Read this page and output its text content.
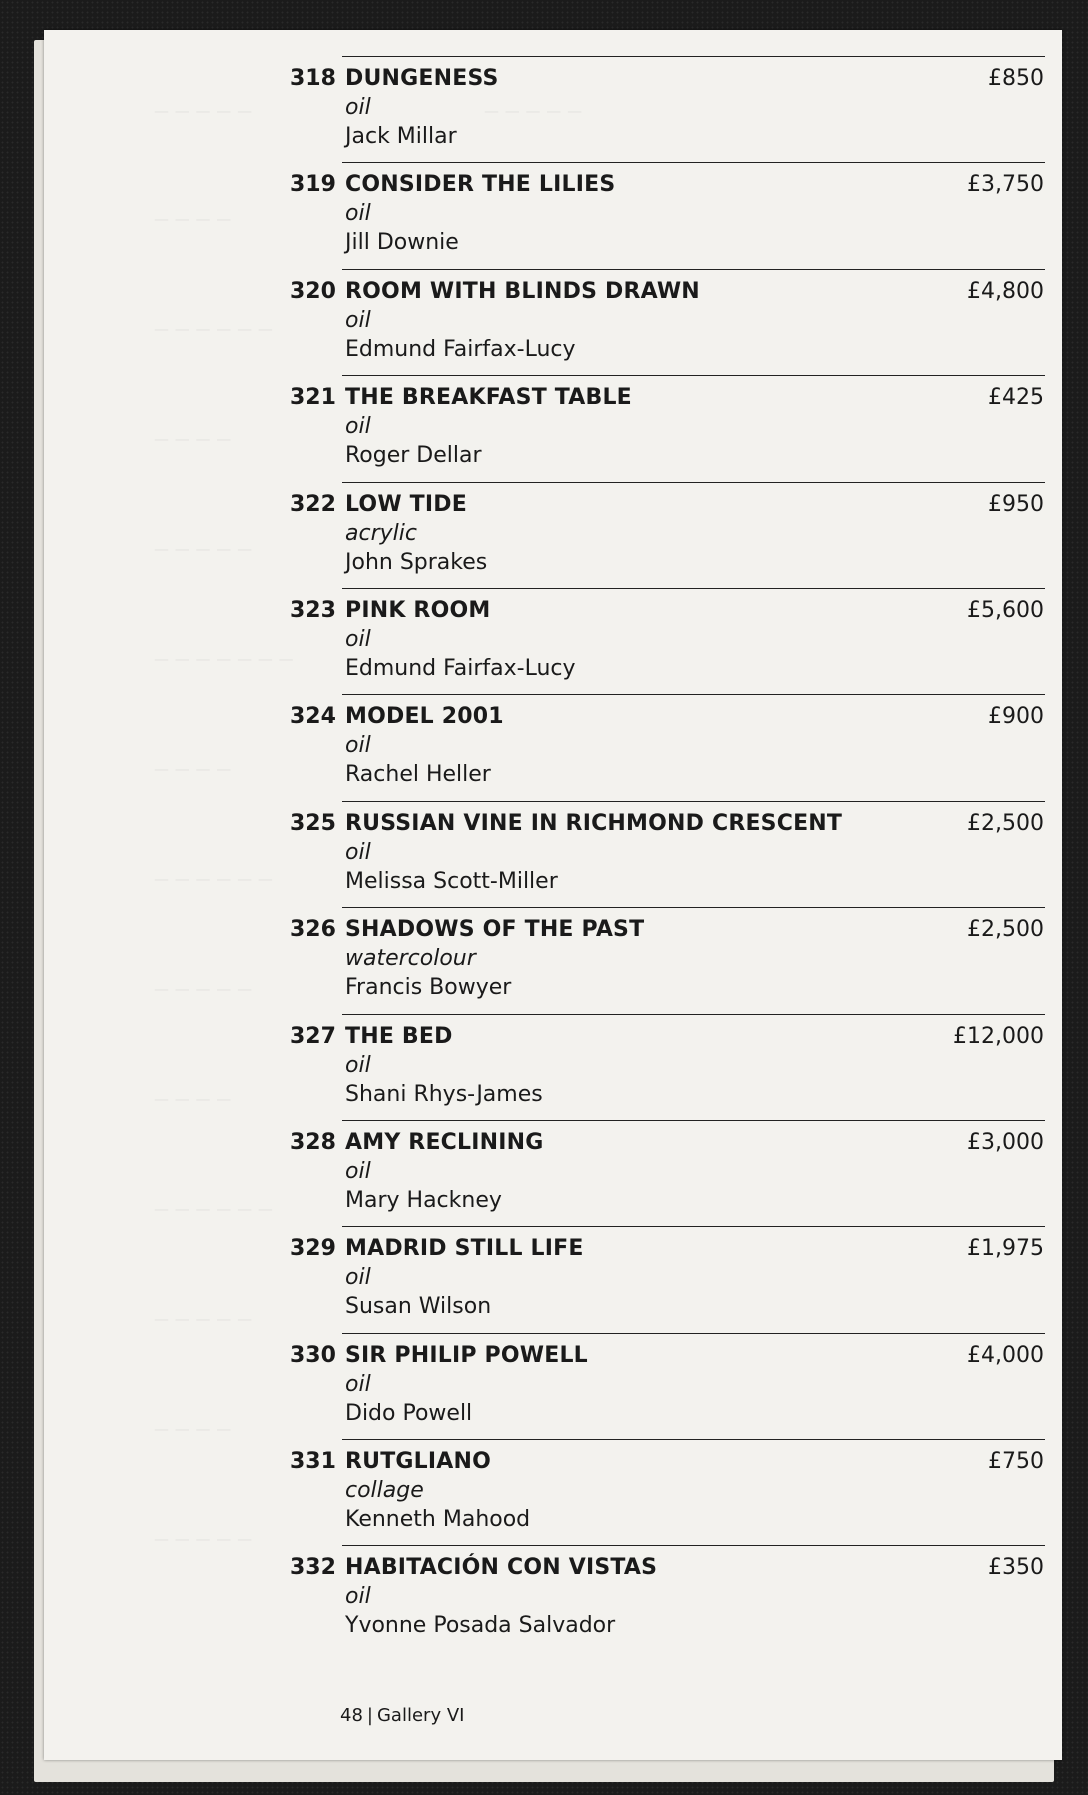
— — — — —	— — — — —
— — — —
— — — — — —
— — — —
— — — — —
— — — — — — —
— — — —
— — — — — —
— — — — —
— — — —
— — — — — —
— — — — —
— — — —
— — — — —
318 DUNGENESS
oil
Jack Millar
£850
319 CONSIDER THE LILIES
oil
Jill Downie
£3,750
320 ROOM WITH BLINDS DRAWN
oil
Edmund Fairfax-Lucy
£4,800
321 THE BREAKFAST TABLE
oil
Roger Dellar
£425
322 LOW TIDE
acrylic
John Sprakes
£950
323 PINK ROOM
oil
Edmund Fairfax-Lucy
£5,600
324 MODEL 2001
oil
Rachel Heller
£900
325 RUSSIAN VINE IN RICHMOND CRESCENT
oil
Melissa Scott-Miller
£2,500
326 SHADOWS OF THE PAST
watercolour
Francis Bowyer
£2,500
327 THE BED
oil
Shani Rhys-James
£12,000
328 AMY RECLINING
oil
Mary Hackney
£3,000
329 MADRID STILL LIFE
oil
Susan Wilson
£1,975
330 SIR PHILIP POWELL
oil
Dido Powell
£4,000
331 RUTGLIANO
collage
Kenneth Mahood
£750
332 HABITACIÓN CON VISTAS
oil
Yvonne Posada Salvador
£350
48 | Gallery VI
